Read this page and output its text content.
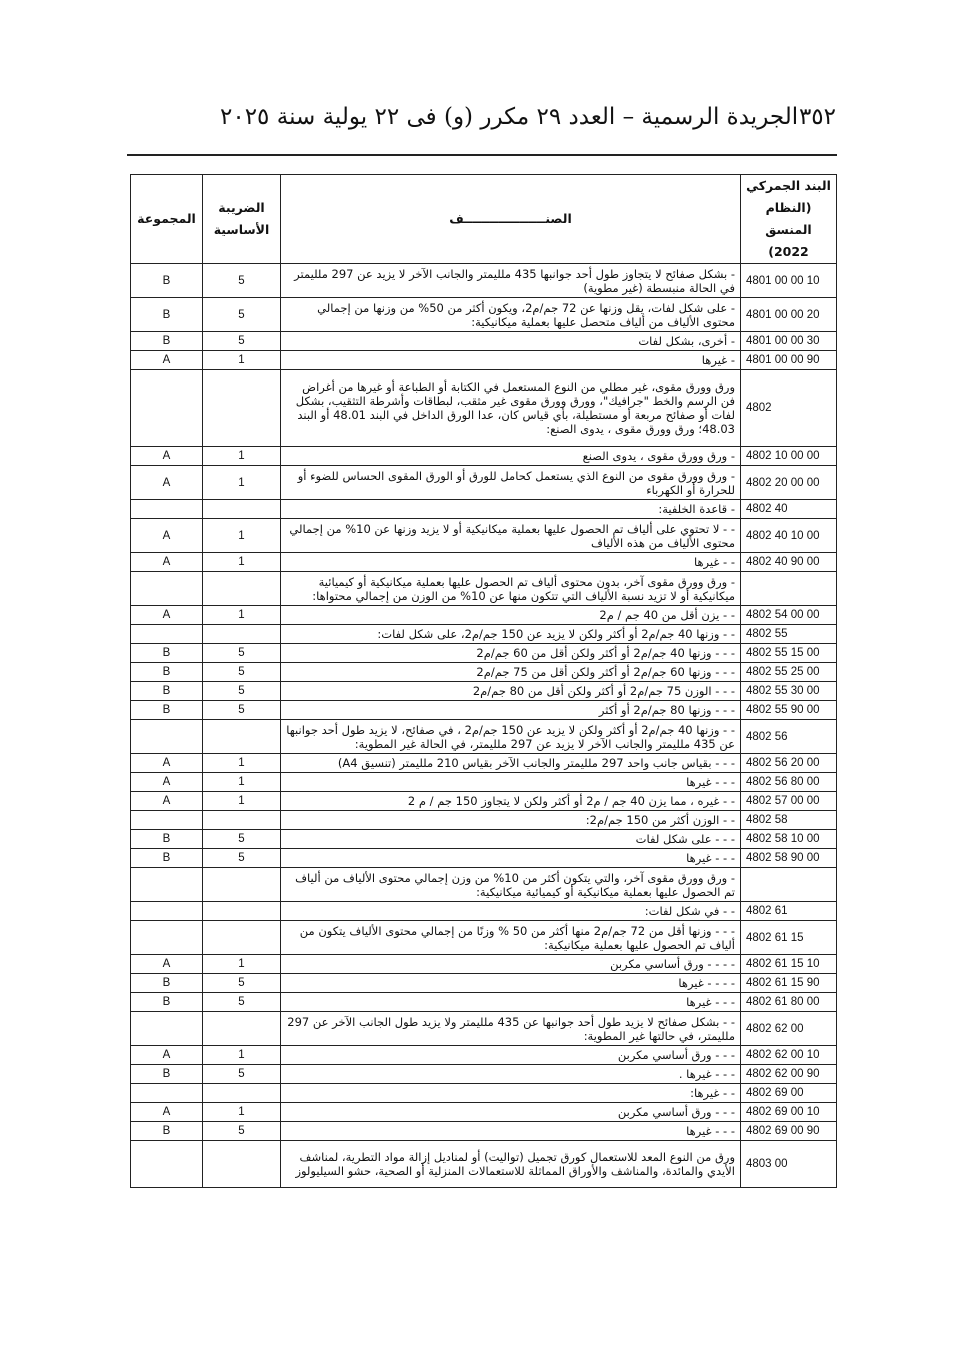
٣٥٢
الجريدة الرسمية – العدد ٢٩ مكرر (و) فى ٢٢ يولية سنة ٢٠٢٥
البند الجمركي (النظام المنسق 2022)	الصنـــــــــــــــــــف	الضريبة الأساسية	المجموعة
4801 00 00 10	- بشكل صفائح لا يتجاوز طول أحد جوانبها 435 ملليمتر والجانب الآخر لا يزيد عن 297 ملليمتر في الحالة منبسطة (غير مطوية)	5	B
4801 00 00 20	- على شكل لفات، يقل وزنها عن 72 جم/م2، ويكون أكثر من 50% من وزنها من إجمالي محتوى الألياف من ألياف متحصل عليها بعملية ميكانيكية:	5	B
4801 00 00 30	- أخرى، بشكل لفات	5	B
4801 00 00 90	- غيرها	1	A
4802	ورق وورق مقوى، غير مطلي من النوع المستعمل في الكتابة أو الطباعة أو غيرها من أغراض فن الرسم والخط "جرافيك"، وورق وورق مقوى غير مثقب، لبطاقات وأشرطة التثقيب، بشكل لفات أو صفائح مربعة أو مستطيلة، بأي قياس كان، عدا الورق الداخل في البند 48.01 أو البند 48.03؛ ورق وورق مقوى ، يدوى الصنع:		
4802 10 00 00	- ورق وورق مقوى ، يدوى الصنع	1	A
4802 20 00 00	- ورق وورق مقوى من النوع الذي يستعمل كحامل للورق أو الورق المقوى الحساس للضوء أو للحرارة أو الكهرباء	1	A
4802 40	- قاعدة الخلفية:		
4802 40 10 00	- - لا تحتوي على ألياف تم الحصول عليها بعملية ميكانيكية أو لا يزيد وزنها عن 10% من إجمالي محتوى الألياف من هذه الألياف	1	A
4802 40 90 00	- - غيرها	1	A
	- ورق وورق مقوى آخر، بدون محتوى ألياف تم الحصول عليها بعملية ميكانيكية أو كيميائية ميكانيكية أو لا تزيد نسبة الألياف التي تتكون منها عن 10% من الوزن من إجمالي محتواها:		
4802 54 00 00	- - يزن أقل من 40 جم / م2	1	A
4802 55	- - وزنها 40 جم/م2 أو أكثر ولكن لا يزيد عن 150 جم/م2، على شكل لفات:		
4802 55 15 00	- - - وزنها 40 جم/م2 أو أكثر ولكن أقل من 60 جم/م2	5	B
4802 55 25 00	- - - وزنها 60 جم/م2 أو أكثر ولكن أقل من 75 جم/م2	5	B
4802 55 30 00	- - - الوزن 75 جم/م2 أو أكثر ولكن أقل من 80 جم/م2	5	B
4802 55 90 00	- - - وزنها 80 جم/م2 أو أكثر	5	B
4802 56	- - وزنها 40 جم/م2 أو أكثر ولكن لا يزيد عن 150 جم/م2 ، في صفائح، لا يزيد طول أحد جوانبها عن 435 ملليمتر والجانب الآخر لا يزيد عن 297 ملليمتر، في الحالة غير المطوية:		
4802 56 20 00	- - - بقياس جانب واحد 297 ملليمتر والجانب الآخر بقياس 210 ملليمتر (تنسيق A4)	1	A
4802 56 80 00	- - - غيرها	1	A
4802 57 00 00	- - غيره ، مما يزن 40 جم / م2 أو أكثر ولكن لا يتجاوز 150 جم / م 2	1	A
4802 58	- - الوزن أكثر من 150 جم/م2:		
4802 58 10 00	- - - على شكل لفات	5	B
4802 58 90 00	- - - غيرها	5	B
	- ورق وورق مقوى آخر، والتي يتكون أكثر من 10% من وزن إجمالي محتوى الألياف من ألياف تم الحصول عليها بعملية ميكانيكية أو كيميائية ميكانيكية:		
4802 61	- - في شكل لفات:		
4802 61 15	- - - وزنها أقل من 72 جم/م2 منها أكثر من 50 % وزنًا من إجمالي محتوى الألياف يتكون من ألياف تم الحصول عليها بعملية ميكانيكية:		
4802 61 15 10	- - - - ورق أساسي مكربن	1	A
4802 61 15 90	- - - - غيرها	5	B
4802 61 80 00	- - - غيرها	5	B
4802 62 00	- - بشكل صفائح لا يزيد طول أحد جوانبها عن 435 ملليمتر ولا يزيد طول الجانب الآخر عن 297 ملليمتر، في حالتها غير المطوية:		
4802 62 00 10	- - - ورق أساسي مكربن	1	A
4802 62 00 90	- - - غيرها .	5	B
4802 69 00	- - غيرها:		
4802 69 00 10	- - - ورق أساسي مكربن	1	A
4802 69 00 90	- - - غيرها	5	B
4803 00	ورق من النوع المعد للاستعمال كورق تجميل (تواليت) أو لمناديل إزالة مواد التطرية، لمناشف الأيدي والمائدة، والمناشف والأوراق المماثلة للاستعمالات المنزلية أو الصحية، حشو السيليولوز		
